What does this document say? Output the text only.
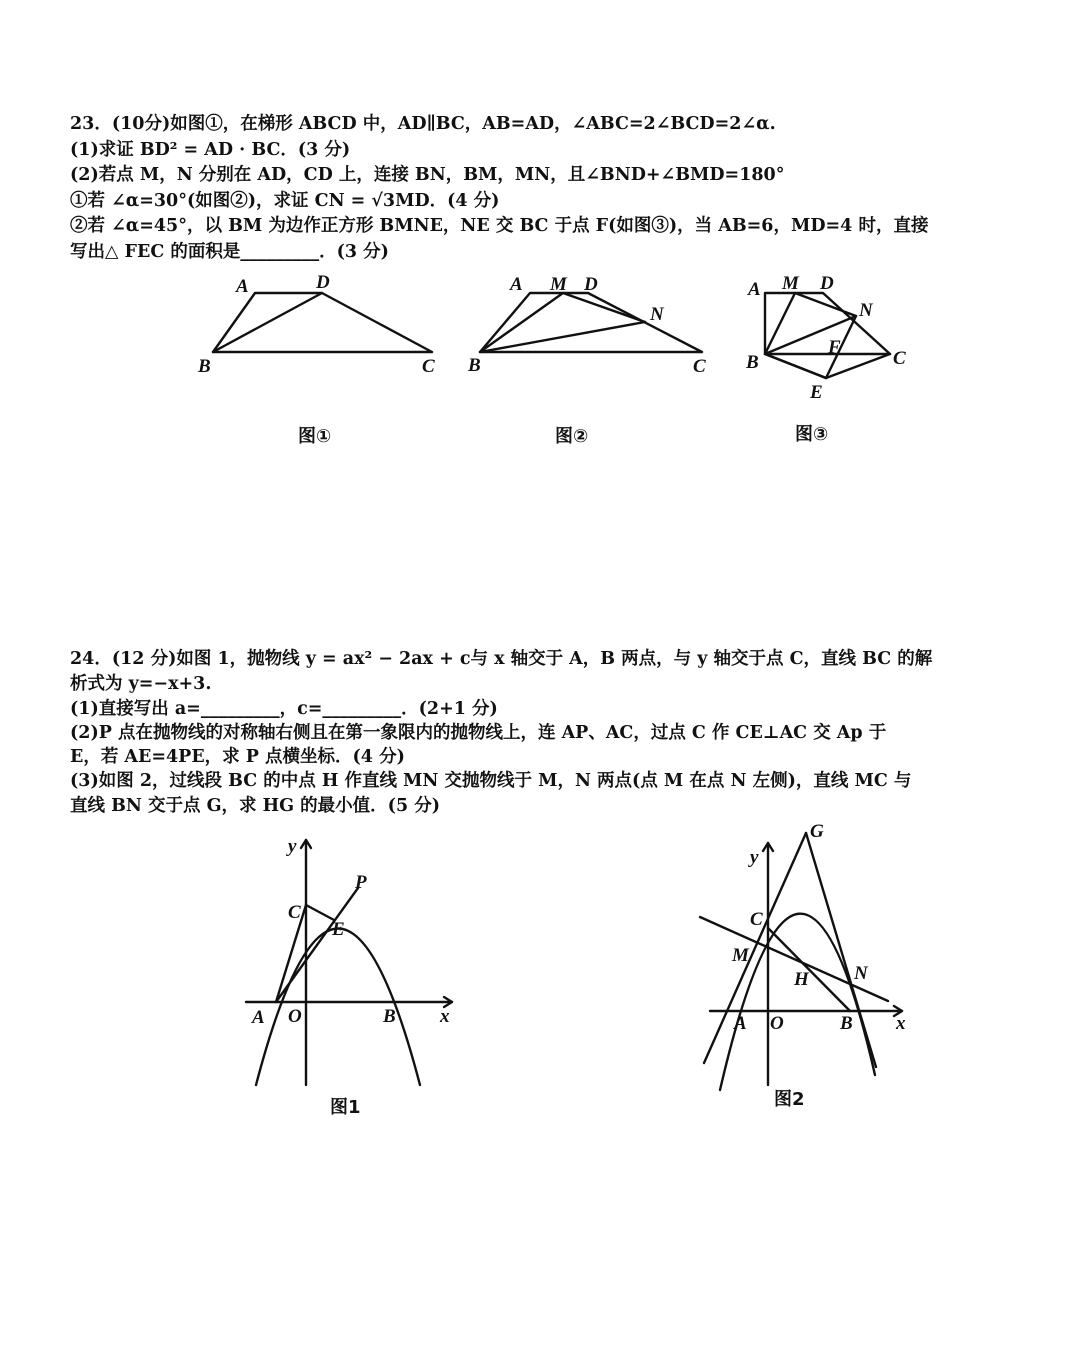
23．(10分)如图①，在梯形 ABCD 中，AD∥BC，AB=AD，∠ABC=2∠BCD=2∠α.
(1)求证 BD² = AD · BC．(3 分)
(2)若点 M，N 分别在 AD，CD 上，连接 BN，BM，MN，且∠BND+∠BMD=180°
①若 ∠α=30°(如图②)，求证 CN = √3MD．(4 分)
②若 ∠α=45°，以 BM 为边作正方形 BMNE，NE 交 BC 于点 F(如图③)，当 AB=6，MD=4 时，直接
写出△ FEC 的面积是_________．(3 分)
A	D
B	C
图①
A M D
N
B	C
图②
A M D
N
F
B	C
E
图③
24．(12 分)如图 1，抛物线 y = ax² − 2ax + c与 x 轴交于 A，B 两点，与 y 轴交于点 C，直线 BC 的解
析式为 y=−x+3.
(1)直接写出 a=_________，c=_________．(2+1 分)
(2)P 点在抛物线的对称轴右侧且在第一象限内的抛物线上，连 AP、AC，过点 C 作 CE⊥AC 交 Ap 于
E，若 AE=4PE，求 P 点横坐标．(4 分)
(3)如图 2，过线段 BC 的中点 H 作直线 MN 交抛物线于 M，N 两点(点 M 在点 N 左侧)，直线 MC 与
直线 BN 交于点 G，求 HG 的最小值．(5 分)
y
x
P
C
E
A O	B
图1
y
x
G
C
M
H N
A O	B
图2
